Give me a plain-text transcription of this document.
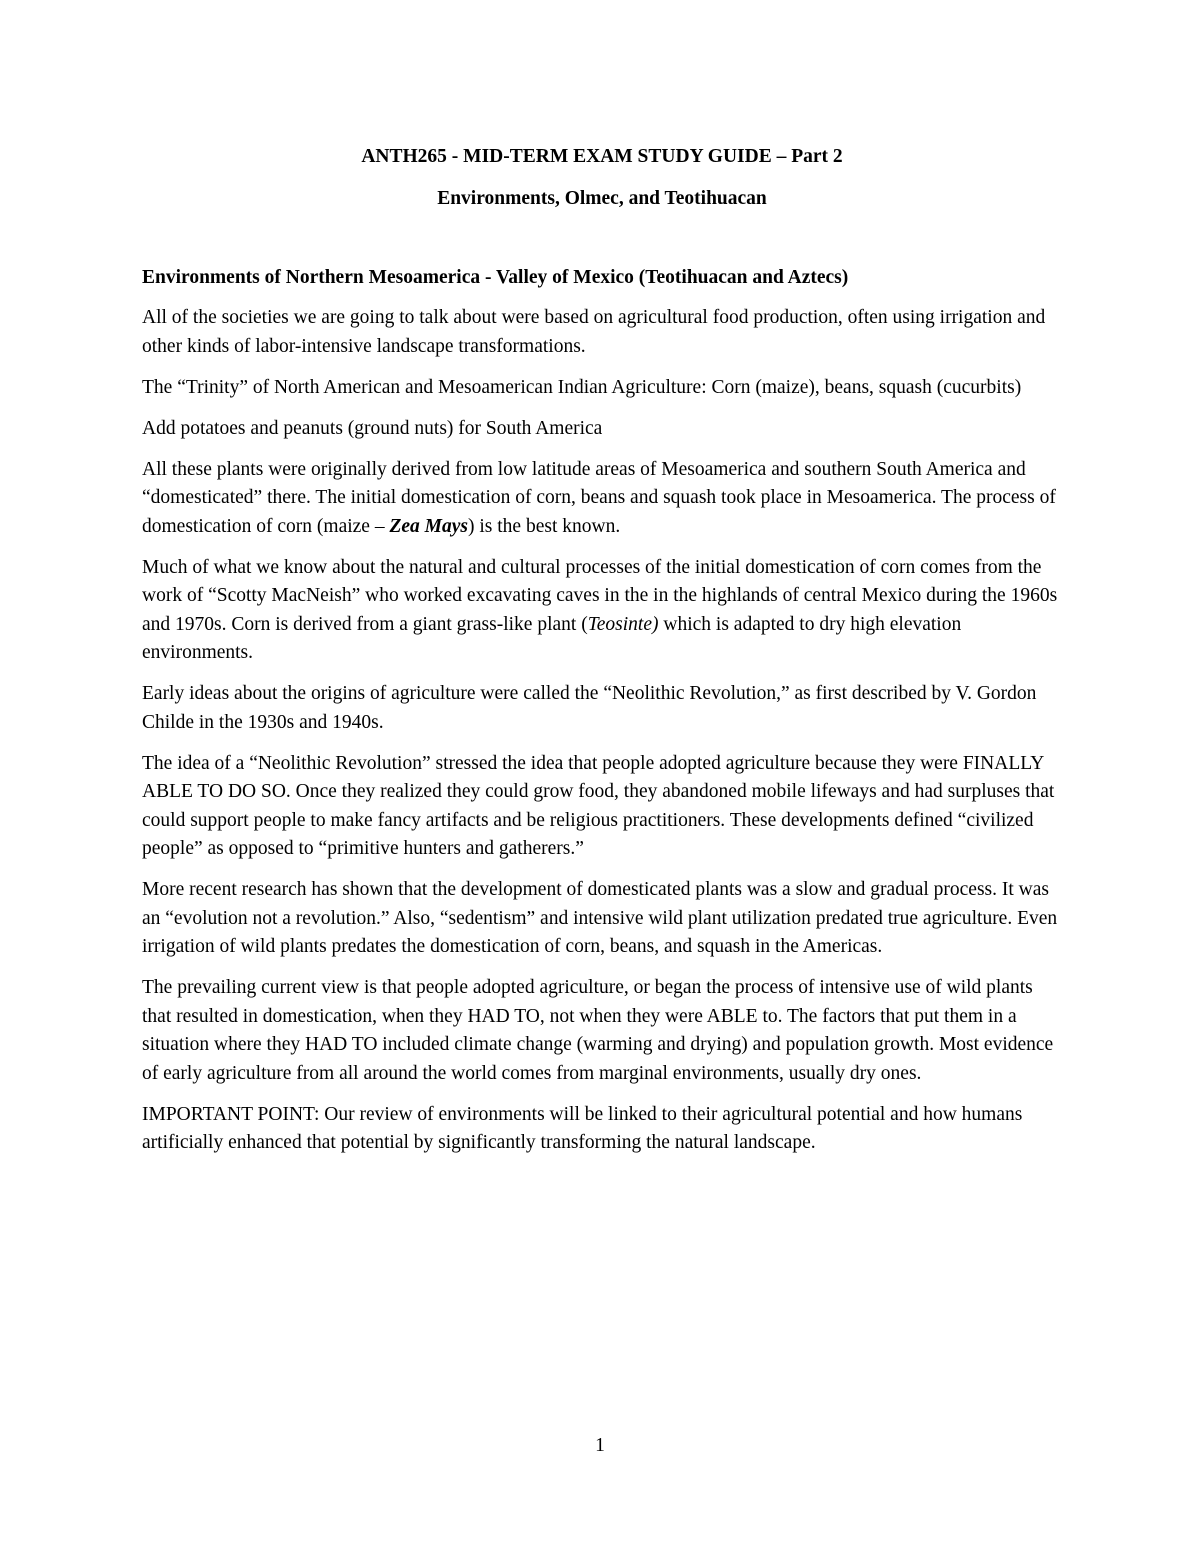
ANTH265 - MID-TERM EXAM STUDY GUIDE – Part 2
Environments, Olmec, and Teotihuacan
Environments of Northern Mesoamerica - Valley of Mexico (Teotihuacan and Aztecs)

All of the societies we are going to talk about were based on agricultural food production, often using irrigation and other kinds of labor-intensive landscape transformations.

The “Trinity” of North American and Mesoamerican Indian Agriculture: Corn (maize), beans, squash (cucurbits)

Add potatoes and peanuts (ground nuts) for South America

All these plants were originally derived from low latitude areas of Mesoamerica and southern South America and “domesticated” there. The initial domestication of corn, beans and squash took place in Mesoamerica. The process of domestication of corn (maize – Zea Mays) is the best known.

Much of what we know about the natural and cultural processes of the initial domestication of corn comes from the work of “Scotty MacNeish” who worked excavating caves in the in the highlands of central Mexico during the 1960s and 1970s. Corn is derived from a giant grass-like plant (Teosinte) which is adapted to dry high elevation environments.

Early ideas about the origins of agriculture were called the “Neolithic Revolution,” as first described by V. Gordon Childe in the 1930s and 1940s.

The idea of a “Neolithic Revolution” stressed the idea that people adopted agriculture because they were FINALLY ABLE TO DO SO. Once they realized they could grow food, they abandoned mobile lifeways and had surpluses that could support people to make fancy artifacts and be religious practitioners. These developments defined “civilized people” as opposed to “primitive hunters and gatherers.”

More recent research has shown that the development of domesticated plants was a slow and gradual process. It was an “evolution not a revolution.” Also, “sedentism” and intensive wild plant utilization predated true agriculture. Even irrigation of wild plants predates the domestication of corn, beans, and squash in the Americas.

The prevailing current view is that people adopted agriculture, or began the process of intensive use of wild plants that resulted in domestication, when they HAD TO, not when they were ABLE to. The factors that put them in a situation where they HAD TO included climate change (warming and drying) and population growth. Most evidence of early agriculture from all around the world comes from marginal environments, usually dry ones.

IMPORTANT POINT: Our review of environments will be linked to their agricultural potential and how humans artificially enhanced that potential by significantly transforming the natural landscape.

1
